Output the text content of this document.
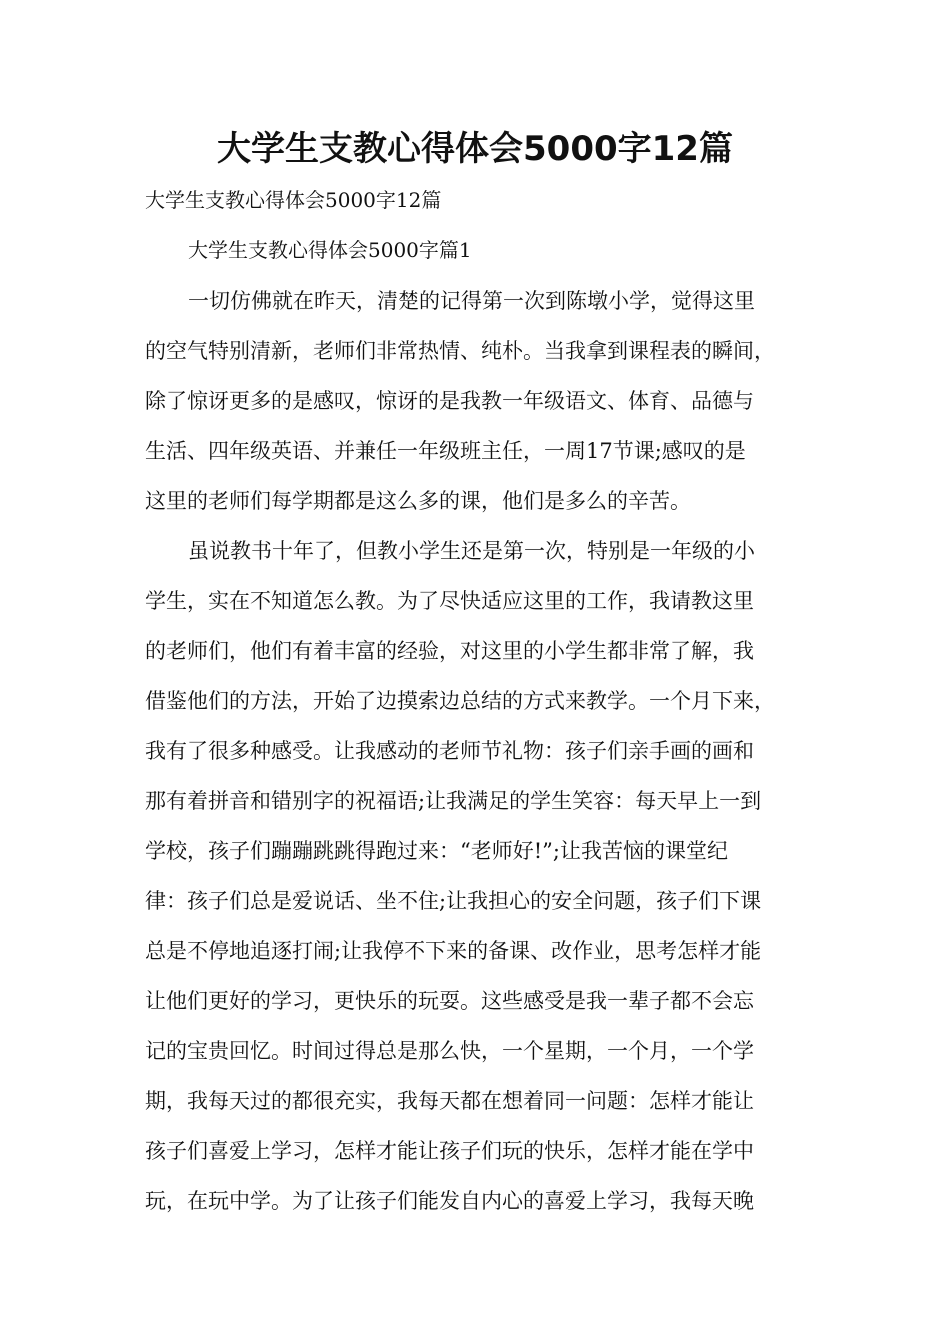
大学生支教心得体会5000字12篇

大学生支教心得体会5000字12篇

大学生支教心得体会5000字篇1

一切仿佛就在昨天，清楚的记得第一次到陈墩小学，觉得这里
的空气特别清新，老师们非常热情、纯朴。当我拿到课程表的瞬间，
除了惊讶更多的是感叹，惊讶的是我教一年级语文、体育、品德与
生活、四年级英语、并兼任一年级班主任，一周17节课;感叹的是
这里的老师们每学期都是这么多的课，他们是多么的辛苦。
虽说教书十年了，但教小学生还是第一次，特别是一年级的小
学生，实在不知道怎么教。为了尽快适应这里的工作，我请教这里
的老师们，他们有着丰富的经验，对这里的小学生都非常了解，我
借鉴他们的方法，开始了边摸索边总结的方式来教学。一个月下来，
我有了很多种感受。让我感动的老师节礼物：孩子们亲手画的画和
那有着拼音和错别字的祝福语;让我满足的学生笑容：每天早上一到
学校，孩子们蹦蹦跳跳得跑过来：“老师好!”;让我苦恼的课堂纪
律：孩子们总是爱说话、坐不住;让我担心的安全问题，孩子们下课
总是不停地追逐打闹;让我停不下来的备课、改作业，思考怎样才能
让他们更好的学习，更快乐的玩耍。这些感受是我一辈子都不会忘
记的宝贵回忆。时间过得总是那么快，一个星期，一个月，一个学
期，我每天过的都很充实，我每天都在想着同一问题：怎样才能让
孩子们喜爱上学习，怎样才能让孩子们玩的快乐，怎样才能在学中
玩，在玩中学。为了让孩子们能发自内心的喜爱上学习，我每天晚
